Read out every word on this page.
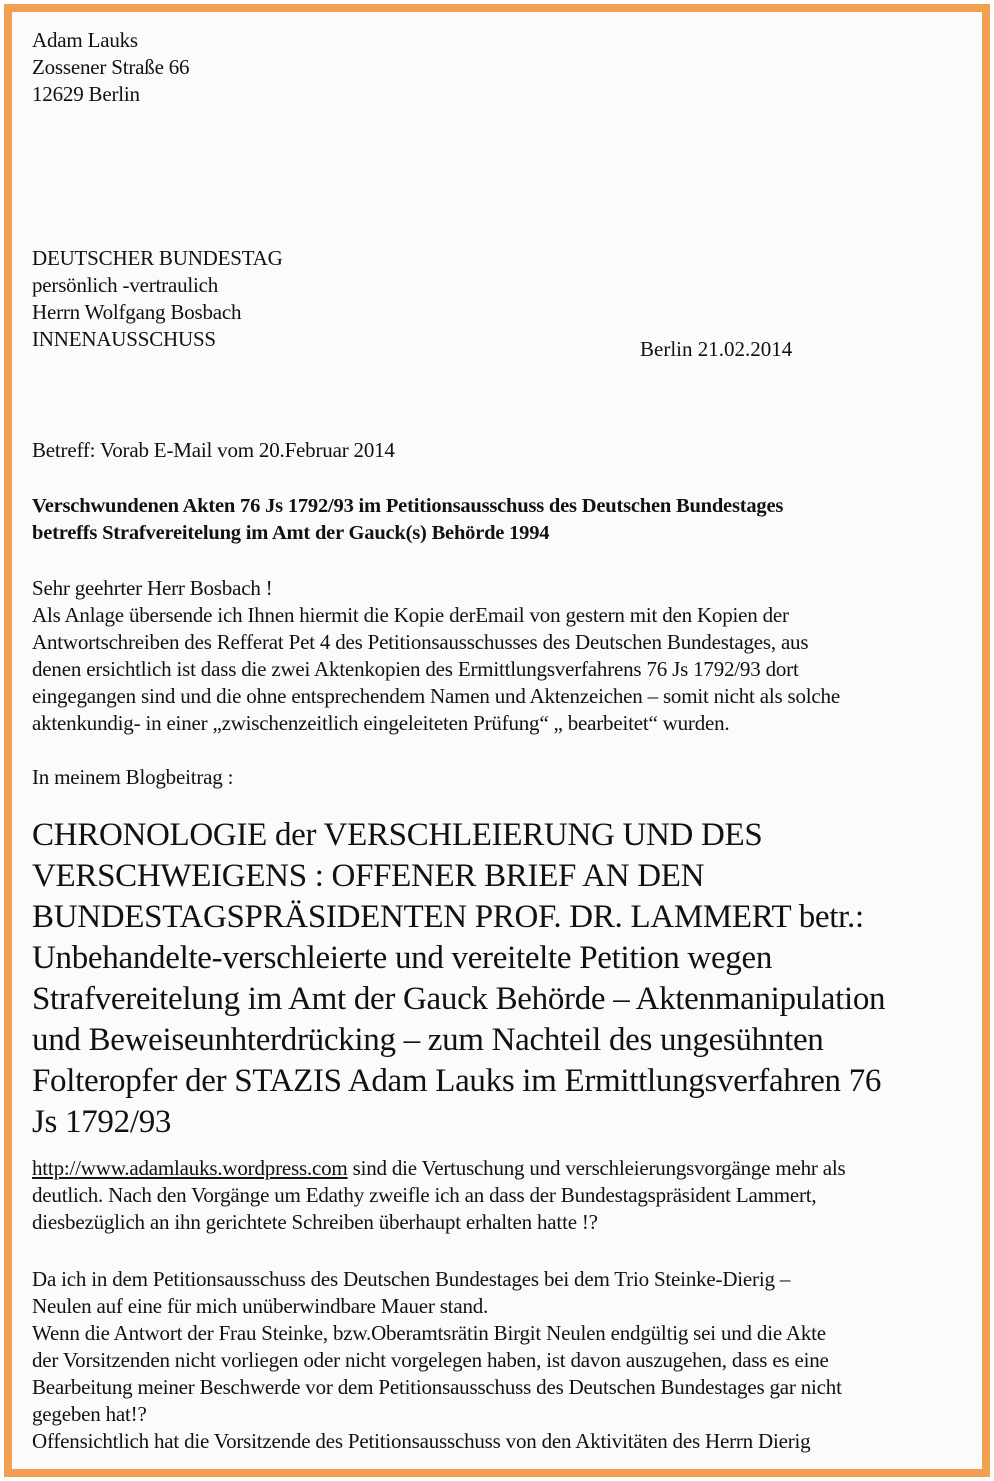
Adam Lauks
Zossener Straße 66
12629 Berlin
DEUTSCHER BUNDESTAG
persönlich -vertraulich
Herrn Wolfgang Bosbach
INNENAUSSCHUSS	Berlin 21.02.2014
Betreff: Vorab E-Mail vom 20.Februar 2014
Verschwundenen Akten 76 Js 1792/93 im Petitionsausschuss des Deutschen Bundestages
betreffs Strafvereitelung im Amt der Gauck(s) Behörde 1994
Sehr geehrter Herr Bosbach !
Als Anlage übersende ich Ihnen hiermit die Kopie derEmail von gestern mit den Kopien der
Antwortschreiben des Refferat Pet 4 des Petitionsausschusses des Deutschen Bundestages, aus
denen ersichtlich ist dass die zwei Aktenkopien des Ermittlungsverfahrens 76 Js 1792/93 dort
eingegangen sind und die ohne entsprechendem Namen und Aktenzeichen – somit nicht als solche
aktenkundig- in einer „zwischenzeitlich eingeleiteten Prüfung“ „ bearbeitet“ wurden.
In meinem Blogbeitrag :
CHRONOLOGIE der VERSCHLEIERUNG UND DES
VERSCHWEIGENS : OFFENER BRIEF AN DEN
BUNDESTAGSPRÄSIDENTEN PROF. DR. LAMMERT betr.:
Unbehandelte-verschleierte und vereitelte Petition wegen
Strafvereitelung im Amt der Gauck Behörde – Aktenmanipulation
und Beweiseunhterdrücking – zum Nachteil des ungesühnten
Folteropfer der STAZIS Adam Lauks im Ermittlungsverfahren 76
Js 1792/93
http://www.adamlauks.wordpress.com sind die Vertuschung und verschleierungsvorgänge mehr als
deutlich. Nach den Vorgänge um Edathy zweifle ich an dass der Bundestagspräsident Lammert,
diesbezüglich an ihn gerichtete Schreiben überhaupt erhalten hatte !?
Da ich in dem Petitionsausschuss des Deutschen Bundestages bei dem Trio Steinke-Dierig –
Neulen auf eine für mich unüberwindbare Mauer stand.
Wenn die Antwort der Frau Steinke, bzw.Oberamtsrätin Birgit Neulen endgültig sei und die Akte
der Vorsitzenden nicht vorliegen oder nicht vorgelegen haben, ist davon auszugehen, dass es eine
Bearbeitung meiner Beschwerde vor dem Petitionsausschuss des Deutschen Bundestages gar nicht
gegeben hat!?
Offensichtlich hat die Vorsitzende des Petitionsausschuss von den Aktivitäten des Herrn Dierig
